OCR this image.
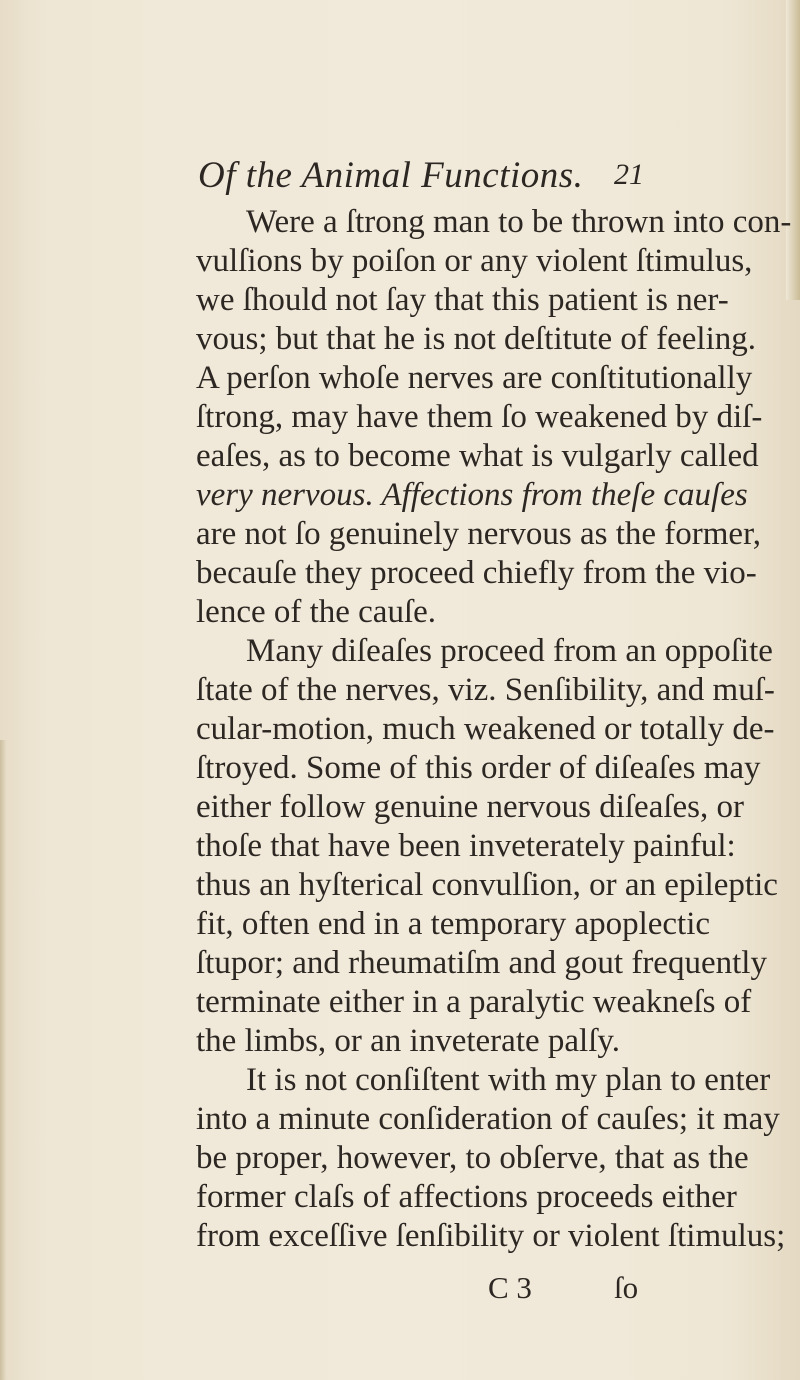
Of the Animal Functions. 21
Were a ſtrong man to be thrown into con-
vulſions by poiſon or any violent ſtimulus,
we ſhould not ſay that this patient is ner-
vous; but that he is not deſtitute of feeling.
A perſon whoſe nerves are conſtitutionally
ſtrong, may have them ſo weakened by diſ-
eaſes, as to become what is vulgarly called
very nervous. Affections from theſe cauſes
are not ſo genuinely nervous as the former,
becauſe they proceed chiefly from the vio-
lence of the cauſe.
Many diſeaſes proceed from an oppoſite
ſtate of the nerves, viz. Senſibility, and muſ-
cular-motion, much weakened or totally de-
ſtroyed. Some of this order of diſeaſes may
either follow genuine nervous diſeaſes, or
thoſe that have been inveterately painful:
thus an hyſterical convulſion, or an epileptic
fit, often end in a temporary apoplectic
ſtupor; and rheumatiſm and gout frequently
terminate either in a paralytic weakneſs of
the limbs, or an inveterate palſy.
It is not conſiſtent with my plan to enter
into a minute conſideration of cauſes; it may
be proper, however, to obſerve, that as the
former claſs of affections proceeds either
from exceſſive ſenſibility or violent ſtimulus;
C 3	ſo
